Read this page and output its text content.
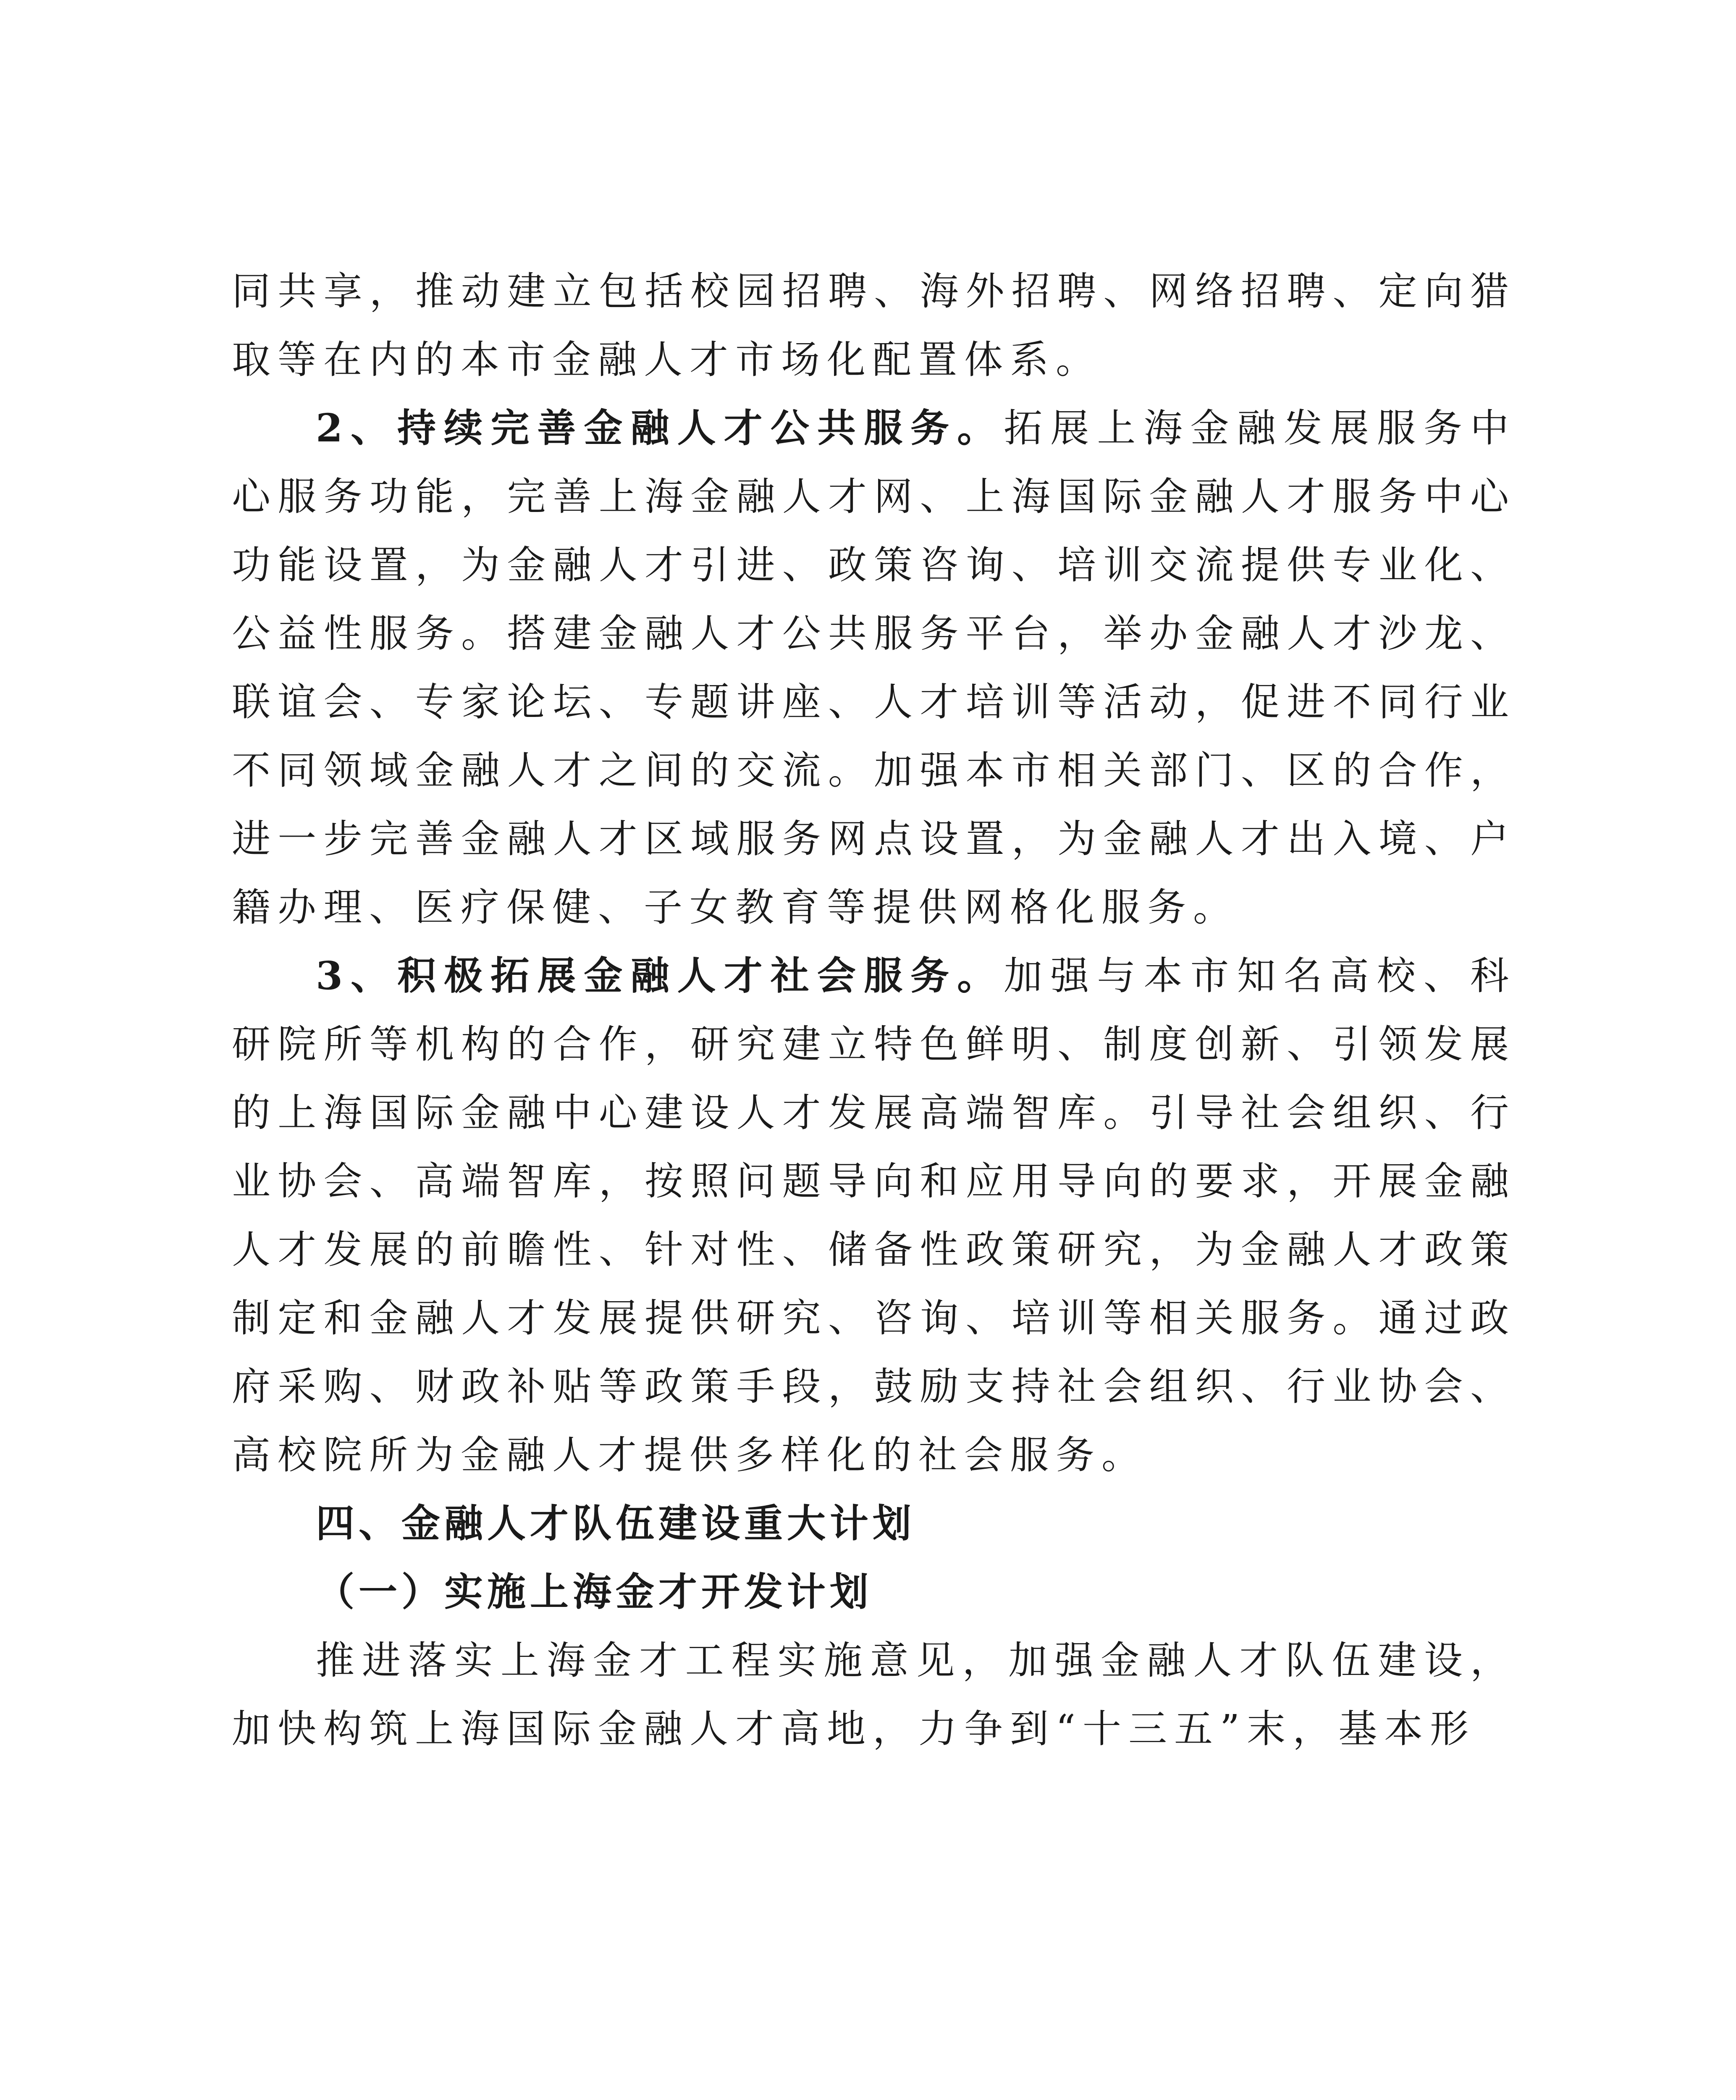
同共享，推动建立包括校园招聘、海外招聘、网络招聘、定向猎取等在内的本市金融人才市场化配置体系。

2、持续完善金融人才公共服务。拓展上海金融发展服务中心服务功能，完善上海金融人才网、上海国际金融人才服务中心功能设置，为金融人才引进、政策咨询、培训交流提供专业化、公益性服务。搭建金融人才公共服务平台，举办金融人才沙龙、联谊会、专家论坛、专题讲座、人才培训等活动，促进不同行业不同领域金融人才之间的交流。加强本市相关部门、区的合作，进一步完善金融人才区域服务网点设置，为金融人才出入境、户籍办理、医疗保健、子女教育等提供网格化服务。

3、积极拓展金融人才社会服务。加强与本市知名高校、科研院所等机构的合作，研究建立特色鲜明、制度创新、引领发展的上海国际金融中心建设人才发展高端智库。引导社会组织、行业协会、高端智库，按照问题导向和应用导向的要求，开展金融人才发展的前瞻性、针对性、储备性政策研究，为金融人才政策制定和金融人才发展提供研究、咨询、培训等相关服务。通过政府采购、财政补贴等政策手段，鼓励支持社会组织、行业协会、高校院所为金融人才提供多样化的社会服务。

四、金融人才队伍建设重大计划

（一）实施上海金才开发计划

推进落实上海金才工程实施意见，加强金融人才队伍建设，加快构筑上海国际金融人才高地，力争到“十三五”末，基本形
